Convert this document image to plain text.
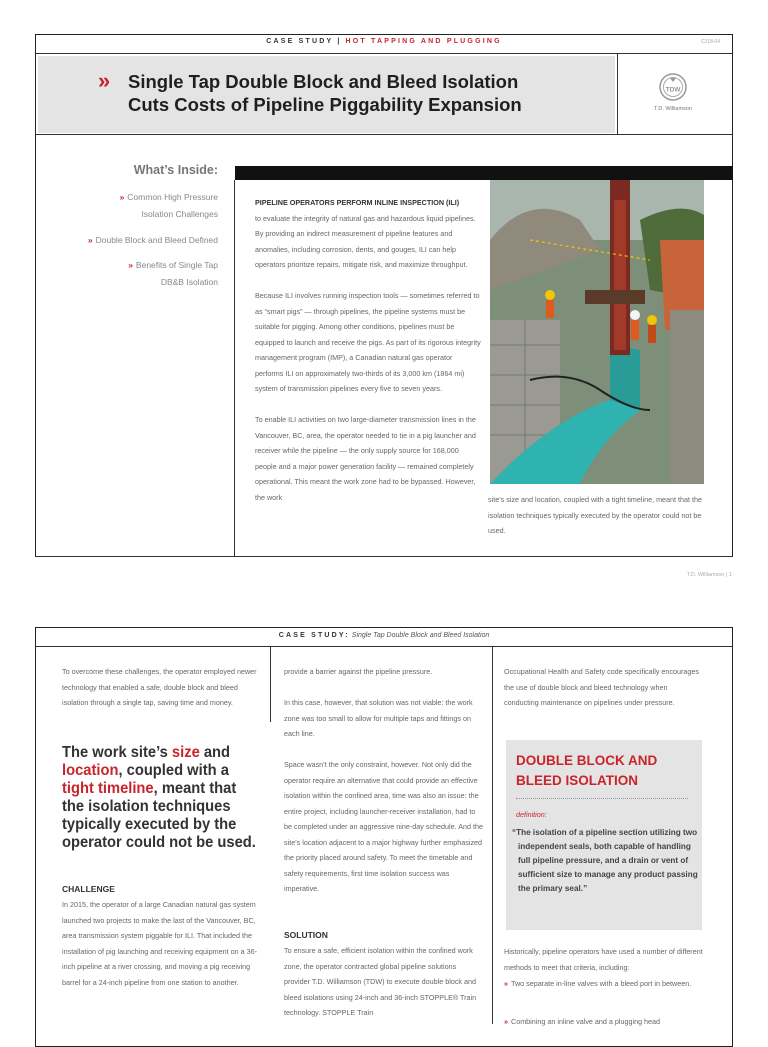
CASE STUDY | HOT TAPPING AND PLUGGING	C218-04
» Single Tap Double Block and Bleed Isolation
Cuts Costs of Pipeline Piggability Expansion
TDW
T.D. Williamson
What’s Inside:
» Common High Pressure
Isolation Challenges
» Double Block and Bleed Defined
» Benefits of Single Tap
DB&B Isolation

PIPELINE OPERATORS PERFORM INLINE INSPECTION (ILI)
to evaluate the integrity of natural gas and hazardous liquid pipelines. By providing an indirect measurement of pipeline features and anomalies, including corrosion, dents, and gouges, ILI can help operators prioritize repairs, mitigate risk, and maximize throughput.

Because ILI involves running inspection tools — sometimes referred to as “smart pigs” — through pipelines, the pipeline systems must be suitable for pigging. Among other conditions, pipelines must be equipped to launch and receive the pigs. As part of its rigorous integrity management program (IMP), a Canadian natural gas operator performs ILI on approximately two-thirds of its 3,000 km (1864 mi) system of transmission pipelines every five to seven years.

To enable ILI activities on two large-diameter transmission lines in the Vancouver, BC, area, the operator needed to tie in a pig launcher and receiver while the pipeline — the only supply source for 168,000 people and a major power generation facility — remained completely operational. This meant the work zone had to be bypassed. However, the work	site’s size and location, coupled with a tight timeline, meant that the isolation techniques typically executed by the operator could not be used.
T.D. Williamson | 1
CASE STUDY: Single Tap Double Block and Bleed Isolation
To overcome these challenges, the operator employed newer technology that enabled a safe, double block and bleed isolation through a single tap, saving time and money.
The work site’s size and location, coupled with a tight timeline, meant that the isolation techniques typically executed by the operator could not be used.
CHALLENGE
In 2015, the operator of a large Canadian natural gas system launched two projects to make the last of the Vancouver, BC, area transmission system piggable for ILI. That included the installation of pig launching and receiving equipment on a 36-inch pipeline at a river crossing, and moving a pig receiving barrel for a 24-inch pipeline from one station to another.

provide a barrier against the pipeline pressure.

In this case, however, that solution was not viable: the work zone was too small to allow for multiple taps and fittings on each line.

Space wasn’t the only constraint, however. Not only did the operator require an alternative that could provide an effective isolation within the confined area, time was also an issue: the entire project, including launcher-receiver installation, had to be completed under an aggressive nine-day schedule. And the site’s location adjacent to a major highway further emphasized the priority placed around safety. To meet the timetable and safety requirements, first time isolation success was imperative.

SOLUTION
To ensure a safe, efficient isolation within the confined work zone, the operator contracted global pipeline solutions provider T.D. Williamson (TDW) to execute double block and bleed isolations using 24-inch and 36-inch STOPPLE® Train technology. STOPPLE Train
Occupational Health and Safety code specifically encourages the use of double block and bleed technology when conducting maintenance on pipelines under pressure.
DOUBLE BLOCK AND BLEED ISOLATION
definition:
“The isolation of a pipeline section utilizing two independent seals, both capable of handling full pipeline pressure, and a drain or vent of sufficient size to manage any product passing the primary seal.”
Historically, pipeline operators have used a number of different methods to meet that criteria, including:
» Two separate in-line valves with a bleed port in between.
» Combining an inline valve and a plugging head
